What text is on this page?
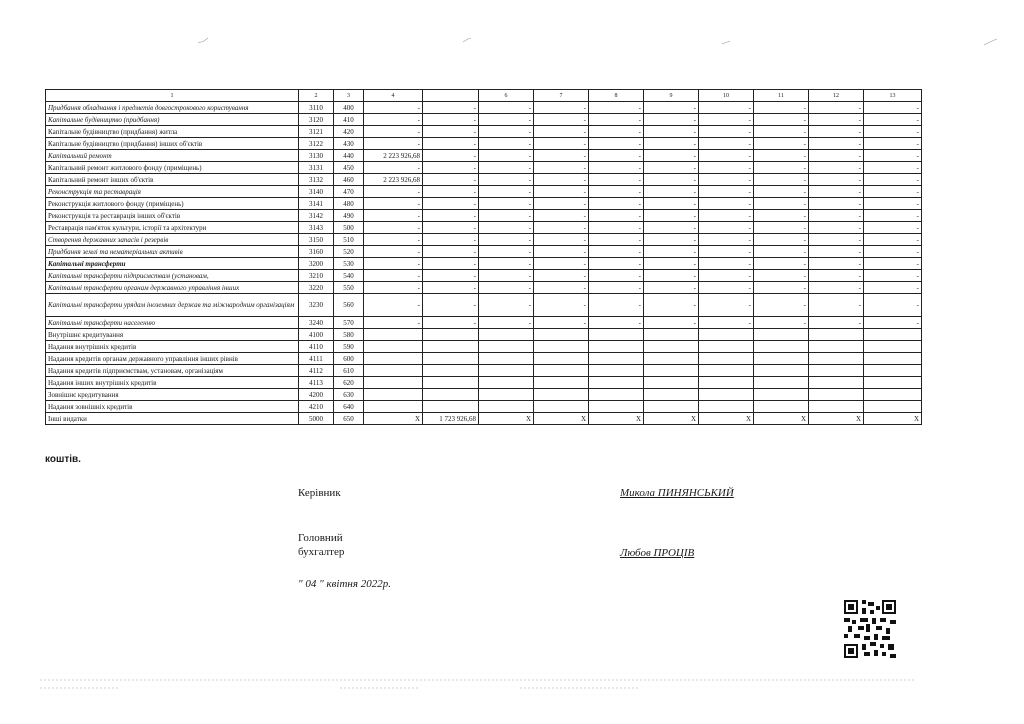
1	2	3	4		6	7	8	9	10	11	12	13
Придбання обладнання і предметів довгострокового користування	3110	400	-	-	-	-	-	-	-	-	-	-
Капітальне будівництво (придбання)	3120	410	-	-	-	-	-	-	-	-	-	-
Капітальне будівництво (придбання) житла	3121	420	-	-	-	-	-	-	-	-	-	-
Капітальне будівництво (придбання) інших об'єктів	3122	430	-	-	-	-	-	-	-	-	-	-
Капітальний ремонт	3130	440	2 223 926,68	-	-	-	-	-	-	-	-	-
Капітальний ремонт житлового фонду (приміщень)	3131	450	-	-	-	-	-	-	-	-	-	-
Капітальний ремонт інших об'єктів	3132	460	2 223 926,68	-	-	-	-	-	-	-	-	-
Реконструкція та реставрація	3140	470	-	-	-	-	-	-	-	-	-	-
Реконструкція житлового фонду (приміщень)	3141	480	-	-	-	-	-	-	-	-	-	-
Реконструкція та реставрація інших об'єктів	3142	490	-	-	-	-	-	-	-	-	-	-
Реставрація пам'яток культури, історії та архітектури	3143	500	-	-	-	-	-	-	-	-	-	-
Створення державних запасів і резервів	3150	510	-	-	-	-	-	-	-	-	-	-
Придбання землі та нематеріальних активів	3160	520	-	-	-	-	-	-	-	-	-	-
Капітальні трансферти	3200	530	-	-	-	-	-	-	-	-	-	-
Капітальні трансферти підприємствам (установам,	3210	540	-	-	-	-	-	-	-	-	-	-
Капітальні трансферти органам державного управління інших	3220	550	-	-	-	-	-	-	-	-	-	-
Капітальні трансферти урядам іноземних держав та міжнародним організаціям	3230	560	-	-	-	-	-	-	-	-	-	-
Капітальні трансферти населенню	3240	570	-	-	-	-	-	-	-	-	-	-
Внутрішнє кредитування	4100	580										
Надання внутрішніх кредитів	4110	590										
Надання кредитів органам державного управління інших рівнів	4111	600										
Надання кредитів підприємствам, установам, організаціям	4112	610										
Надання інших внутрішніх кредитів	4113	620										
Зовнішнє кредитування	4200	630										
Надання зовнішніх кредитів	4210	640										
Інші видатки	5000	650	X	1 723 926,68	X	X	X	X	X	X	X	X
коштів.
Керівник	Микола ПИНЯНСЬКИЙ
Головний
бухгалтер	Любов ПРОЦІВ
" 04 " квітня 2022р.
